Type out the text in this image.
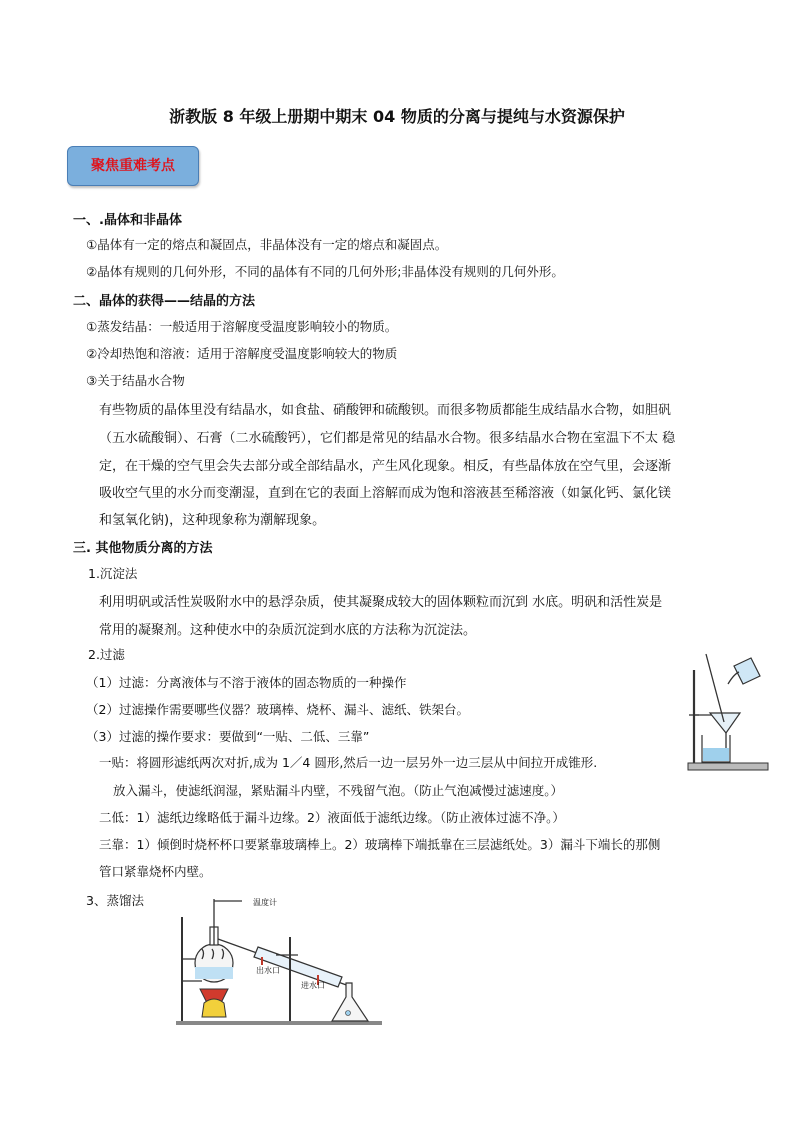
浙教版 8 年级上册期中期末 04 物质的分离与提纯与水资源保护
聚焦重难考点
一、.晶体和非晶体
①晶体有一定的熔点和凝固点，非晶体没有一定的熔点和凝固点。
②晶体有规则的几何外形，不同的晶体有不同的几何外形;非晶体没有规则的几何外形。
二、晶体的获得——结晶的方法
①蒸发结晶：一般适用于溶解度受温度影响较小的物质。
②冷却热饱和溶液：适用于溶解度受温度影响较大的物质
③关于结晶水合物
有些物质的晶体里没有结晶水，如食盐、硝酸钾和硫酸钡。而很多物质都能生成结晶水合物，如胆矾
（五水硫酸铜）、石膏（二水硫酸钙），它们都是常见的结晶水合物。很多结晶水合物在室温下不太 稳
定，在干燥的空气里会失去部分或全部结晶水，产生风化现象。相反，有些晶体放在空气里，会逐渐
吸收空气里的水分而变潮湿，直到在它的表面上溶解而成为饱和溶液甚至稀溶液（如氯化钙、氯化镁
和氢氧化钠)，这种现象称为潮解现象。
三. 其他物质分离的方法
1.沉淀法
利用明矾或活性炭吸附水中的悬浮杂质，使其凝聚成较大的固体颗粒而沉到 水底。明矾和活性炭是
常用的凝聚剂。这种使水中的杂质沉淀到水底的方法称为沉淀法。
2.过滤
（1）过滤：分离液体与不溶于液体的固态物质的一种操作
（2）过滤操作需要哪些仪器？玻璃棒、烧杯、漏斗、滤纸、铁架台。
（3）过滤的操作要求：要做到“一贴、二低、三靠”
一贴：将圆形滤纸两次对折,成为 1／4 圆形,然后一边一层另外一边三层从中间拉开成锥形.
放入漏斗，使滤纸润湿，紧贴漏斗内壁，不残留气泡。（防止气泡减慢过滤速度。）
二低：1）滤纸边缘略低于漏斗边缘。2）液面低于滤纸边缘。（防止液体过滤不净。）
三靠：1）倾倒时烧杯杯口要紧靠玻璃棒上。2）玻璃棒下端抵靠在三层滤纸处。3）漏斗下端长的那侧
管口紧靠烧杯内壁。
3、蒸馏法	温度计
出水口
进水口
